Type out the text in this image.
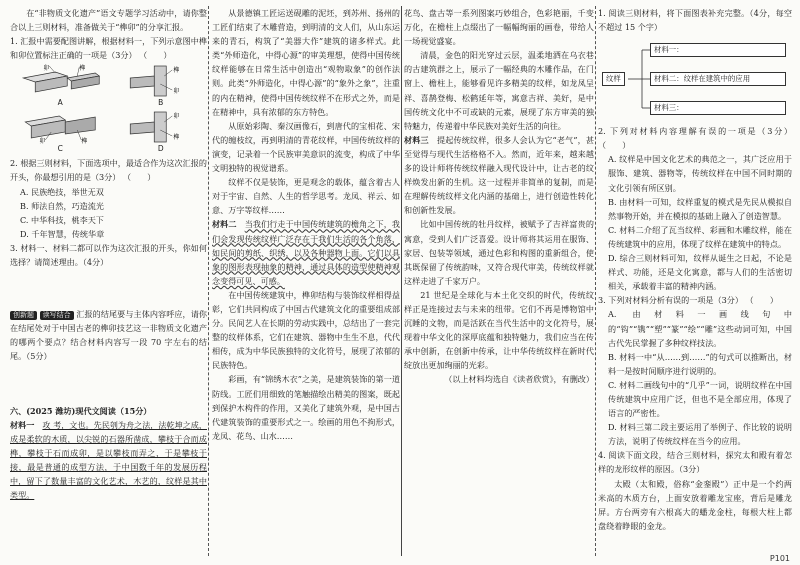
在“非物质文化遗产”语文专题学习活动中，请你整合以上三则材料，准备做关于“榫卯”的分享汇报。

1. 汇报中需要配图讲解，根据材料一，下列示意图中榫和卯位置标注正确的一项是（3分） （　　）

卯	榫
A
榫
卯
B
卯	榫
C
卯
榫
D

2. 根据三则材料，下面选项中，最适合作为这次汇报的开头，你最想引用的是（3分） （　　）

A. 民族绝技，举世无双

B. 师法自然，巧造流光

C. 中华科技，桃李天下

D. 千年智慧，传统华章

3. 材料一、材料二都可以作为这次汇报的开头，你如何选择？请简述理由。（4分）

创新题 读写结合 汇报的结尾要与主体内容呼应，请你在结尾处对于中国古老的榫卯技艺这一非物质文化遗产的哪两个要点？结合材料内容写一段 70 字左右的结尾。（5分）

六、(2025 潍坊)现代文阅读（15分）

材料一　 攻 考，文也。先民刳为舟之法，法乾坤之成，成是柔软的木质，以尖锐的石器所凿成，攀枝于合而成榫，攀枝于石而成卯，是以攀枝而弄之，于是攀枝于接，最是普通的成型方法，于中国数千年的发展历程中，留下了数量丰富的文化艺术，木艺的，纹样是其中类型。

从景德镇工匠运送砚雕的泥坯，到苏州、扬州的工匠们结束了木雕营造，到明清的文人们，从山东运来的青石，构筑了“美器大作”建筑的诸多样式。此类“外师造化，中得心源”的审美理想，使得中国传统纹样能够在日常生活中创造出“观物取象”的创作法则。此类“外师造化，中得心源”的“象外之象”，注重的内在精神，使得中国传统纹样不在形式之外，而是在精神中，具有浓郁的东方特色。

从原始彩陶、秦汉画像石，到唐代的宝相花、宋代的缠枝纹，再到明清的青花纹样，中国传统纹样的演变，记录着一个民族审美意识的流变，构成了中华文明独特的视觉谱系。

纹样不仅是装饰，更是观念的载体，蕴含着古人对于宇宙、自然、人生的哲学思考。龙凤、祥云、如意、万字等纹样……

材料二　 当我们行走于中国传统建筑的檐角之下，我们会发现传统纹样广泛存在于我们生活的各个角落，如民间的剪纸、织绣，以及各种器物上面。它们以具象的图形表现抽象的精神，通过具体的造型使精神观念变得可见、可感。

在中国传统建筑中，榫卯结构与装饰纹样相得益彰，它们共同构成了中国古代建筑文化的重要组成部分。民间艺人在长期的劳动实践中，总结出了一套完整的纹样体系，它们在建筑、器物中生生不息，代代相传，成为中华民族独特的文化符号，展现了浓郁的民族特色。

彩画，有“锦绣木衣”之美，是建筑装饰的第一道防线。工匠们用细致的笔触描绘出精美的图案，既起到保护木构件的作用，又美化了建筑外观，是中国古代建筑装饰的重要形式之一。绘画的用色不拘形式，龙凤、花鸟、山水……

花鸟、盘古等一系列图案巧妙组合，色彩艳丽，千变万化，在檐柱上点缀出了一幅幅绚丽的画卷，带给人一场视觉盛宴。

清晨，金色的阳光穿过云层，温柔地洒在乌衣巷的古建筑群之上，展示了一幅经典的木雕作品，在门窗上、檐柱上，能够看见许多精美的纹样，如龙凤呈祥、喜鹊登梅、松鹤延年等，寓意吉祥、美好，是中国传统文化中不可或缺的元素，展现了东方审美的独特魅力，传递着中华民族对美好生活的向往。

材料三　 提起传统纹样，很多人会认为它“老气”，甚至觉得与现代生活格格不入。然而，近年来，越来越多的设计师将传统纹样融入现代设计中，让古老的纹样焕发出新的生机。这一过程并非简单的复制，而是在理解传统纹样文化内涵的基础上，进行创造性转化和创新性发展。

比如中国传统的牡丹纹样，被赋予了吉祥富贵的寓意，受到人们广泛喜爱。设计师将其运用在服饰、家居、包装等领域，通过色彩和构图的重新组合，使其既保留了传统韵味，又符合现代审美，传统纹样就这样走进了千家万户。

21 世纪是全球化与本土化交织的时代，传统纹样正是连接过去与未来的纽带。它们不再是博物馆中沉睡的文物，而是活跃在当代生活中的文化符号，展现着中华文化的深厚底蕴和独特魅力，我们应当在传承中创新，在创新中传承，让中华传统纹样在新时代绽放出更加绚丽的光彩。

（以上材料均选自《读者欣赏》，有删改）

1. 阅读三则材料，将下面图表补充完整。（4分，每空不超过 15 个字）

纹样
材料一：
材料二：纹样在建筑中的应用
材料三：

2. 下列对材料内容理解有误的一项是（3分） （　　）

A. 纹样是中国文化艺术的典范之一，其广泛应用于服饰、建筑、器物等，传统纹样在中国不同时期的文化引领有所区别。

B. 由材料一可知，纹样重复的模式是先民从模拟自然事物开始，并在模拟的基础上融入了创造智慧。

C. 材料二介绍了瓦当纹样、彩画和木雕纹样，能在传统建筑中的应用，体现了纹样在建筑中的特点。

D. 综合三则材料可知，纹样从诞生之日起，不论是样式、功能，还是文化寓意，都与人们的生活密切相关，承载着丰富的精神内涵。

3. 下列对材料分析有误的一项是（3分） （　　）

A. 由材料一画线句中的“钩”“镌”“塑”“篆”“绘”“雕”这些动词可知，中国古代先民掌握了多种纹样技法。

B. 材料一中“从……到……”的句式可以推断出，材料一是按时间顺序进行说明的。

C. 材料二画线句中的“几乎”一词，说明纹样在中国传统建筑中应用广泛，但也不是全部应用，体现了语言的严密性。

D. 材料三第二段主要运用了举例子、作比较的说明方法，说明了传统纹样在当今的应用。

4. 阅读下面文段，结合三则材料，探究太和殿有着怎样的龙形纹样的原因。（3分）

太殿（太和殿，俗称“金銮殿”）正中是一个约两米高的木质方台，上面安放着雕龙宝座，背后是雕龙屏。方台两旁有六根高大的蟠龙金柱，每根大柱上都盘绕着睁眼的金龙。

P101
